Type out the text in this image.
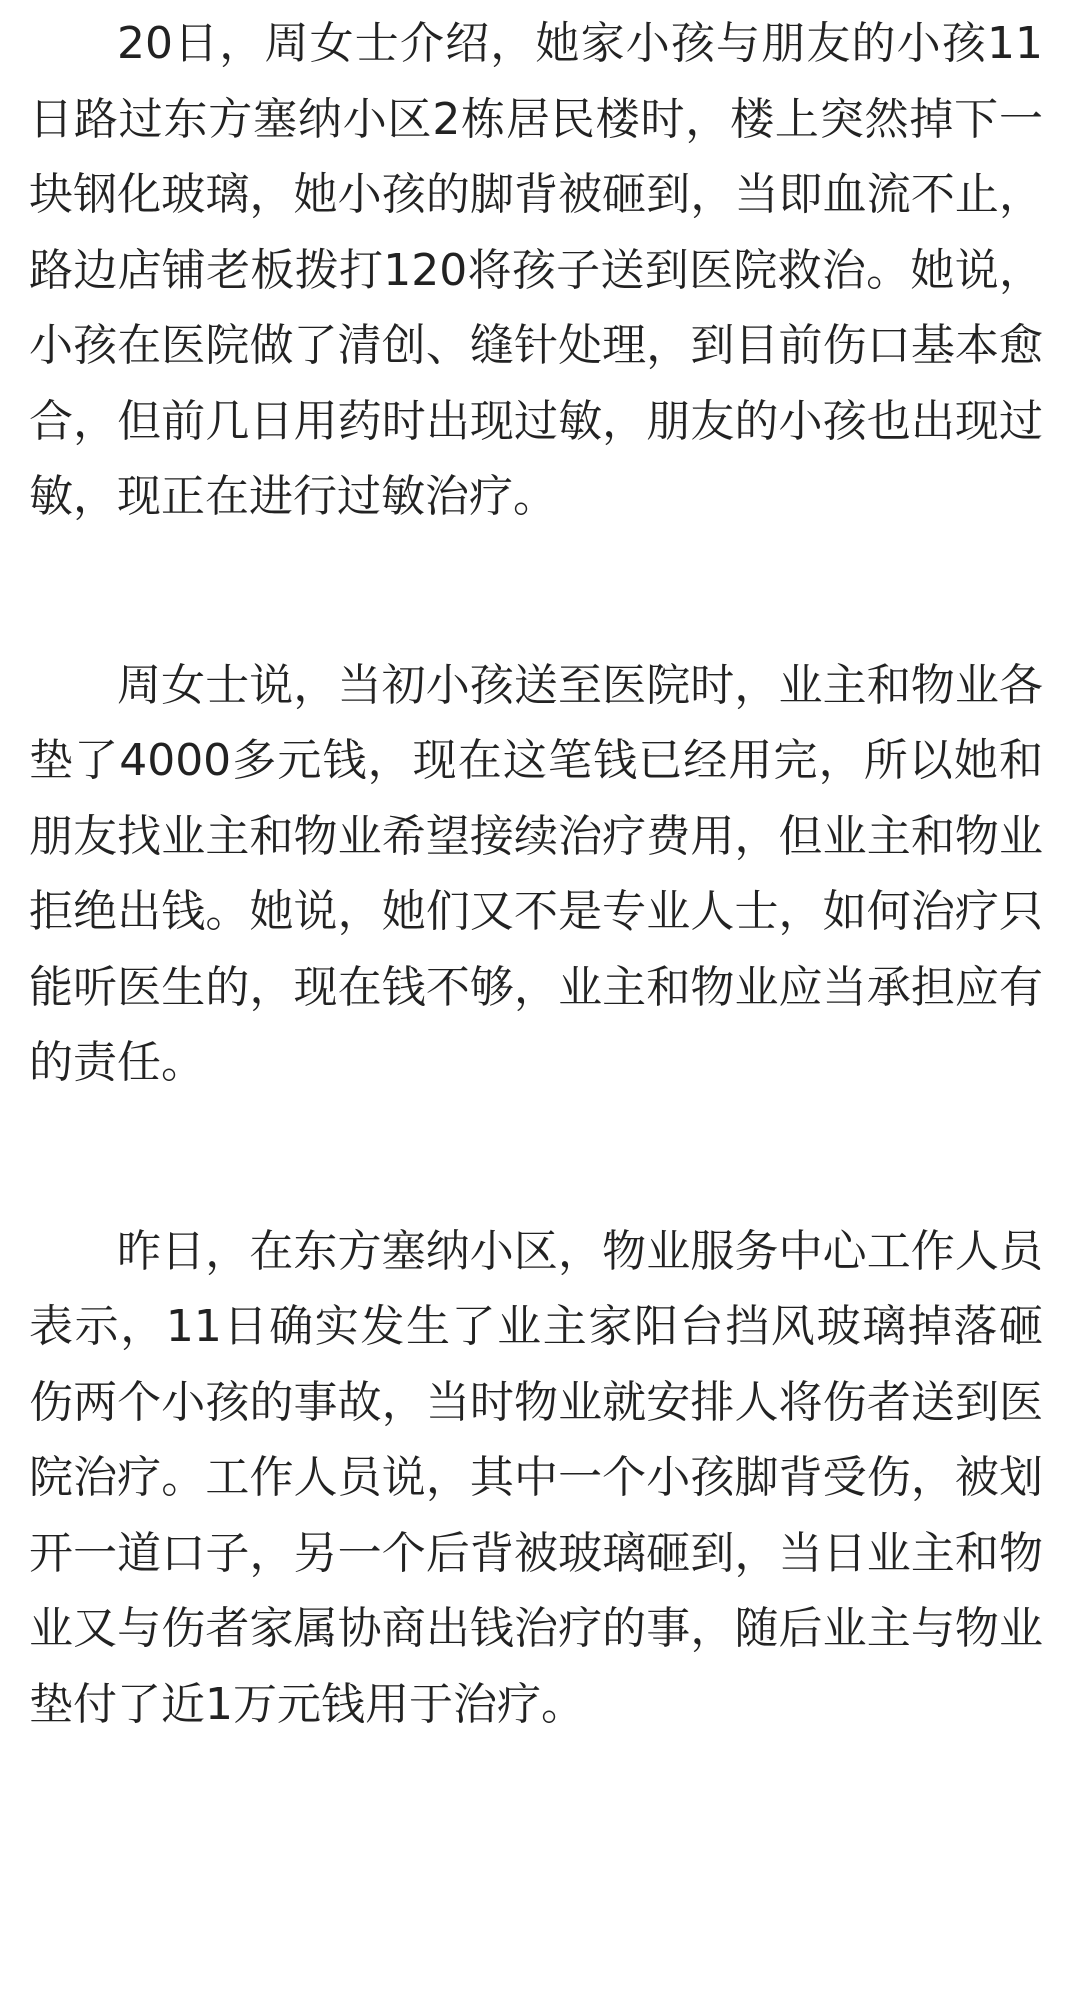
20日，周女士介绍，她家小孩与朋友的小孩11日路过东方塞纳小区2栋居民楼时，楼上突然掉下一块钢化玻璃，她小孩的脚背被砸到，当即血流不止，路边店铺老板拨打120将孩子送到医院救治。她说，小孩在医院做了清创、缝针处理，到目前伤口基本愈合，但前几日用药时出现过敏，朋友的小孩也出现过敏，现正在进行过敏治疗。

周女士说，当初小孩送至医院时，业主和物业各垫了4000多元钱，现在这笔钱已经用完，所以她和朋友找业主和物业希望接续治疗费用，但业主和物业拒绝出钱。她说，她们又不是专业人士，如何治疗只能听医生的，现在钱不够，业主和物业应当承担应有的责任。

昨日，在东方塞纳小区，物业服务中心工作人员表示，11日确实发生了业主家阳台挡风玻璃掉落砸伤两个小孩的事故，当时物业就安排人将伤者送到医院治疗。工作人员说，其中一个小孩脚背受伤，被划开一道口子，另一个后背被玻璃砸到，当日业主和物业又与伤者家属协商出钱治疗的事，随后业主与物业垫付了近1万元钱用于治疗。
